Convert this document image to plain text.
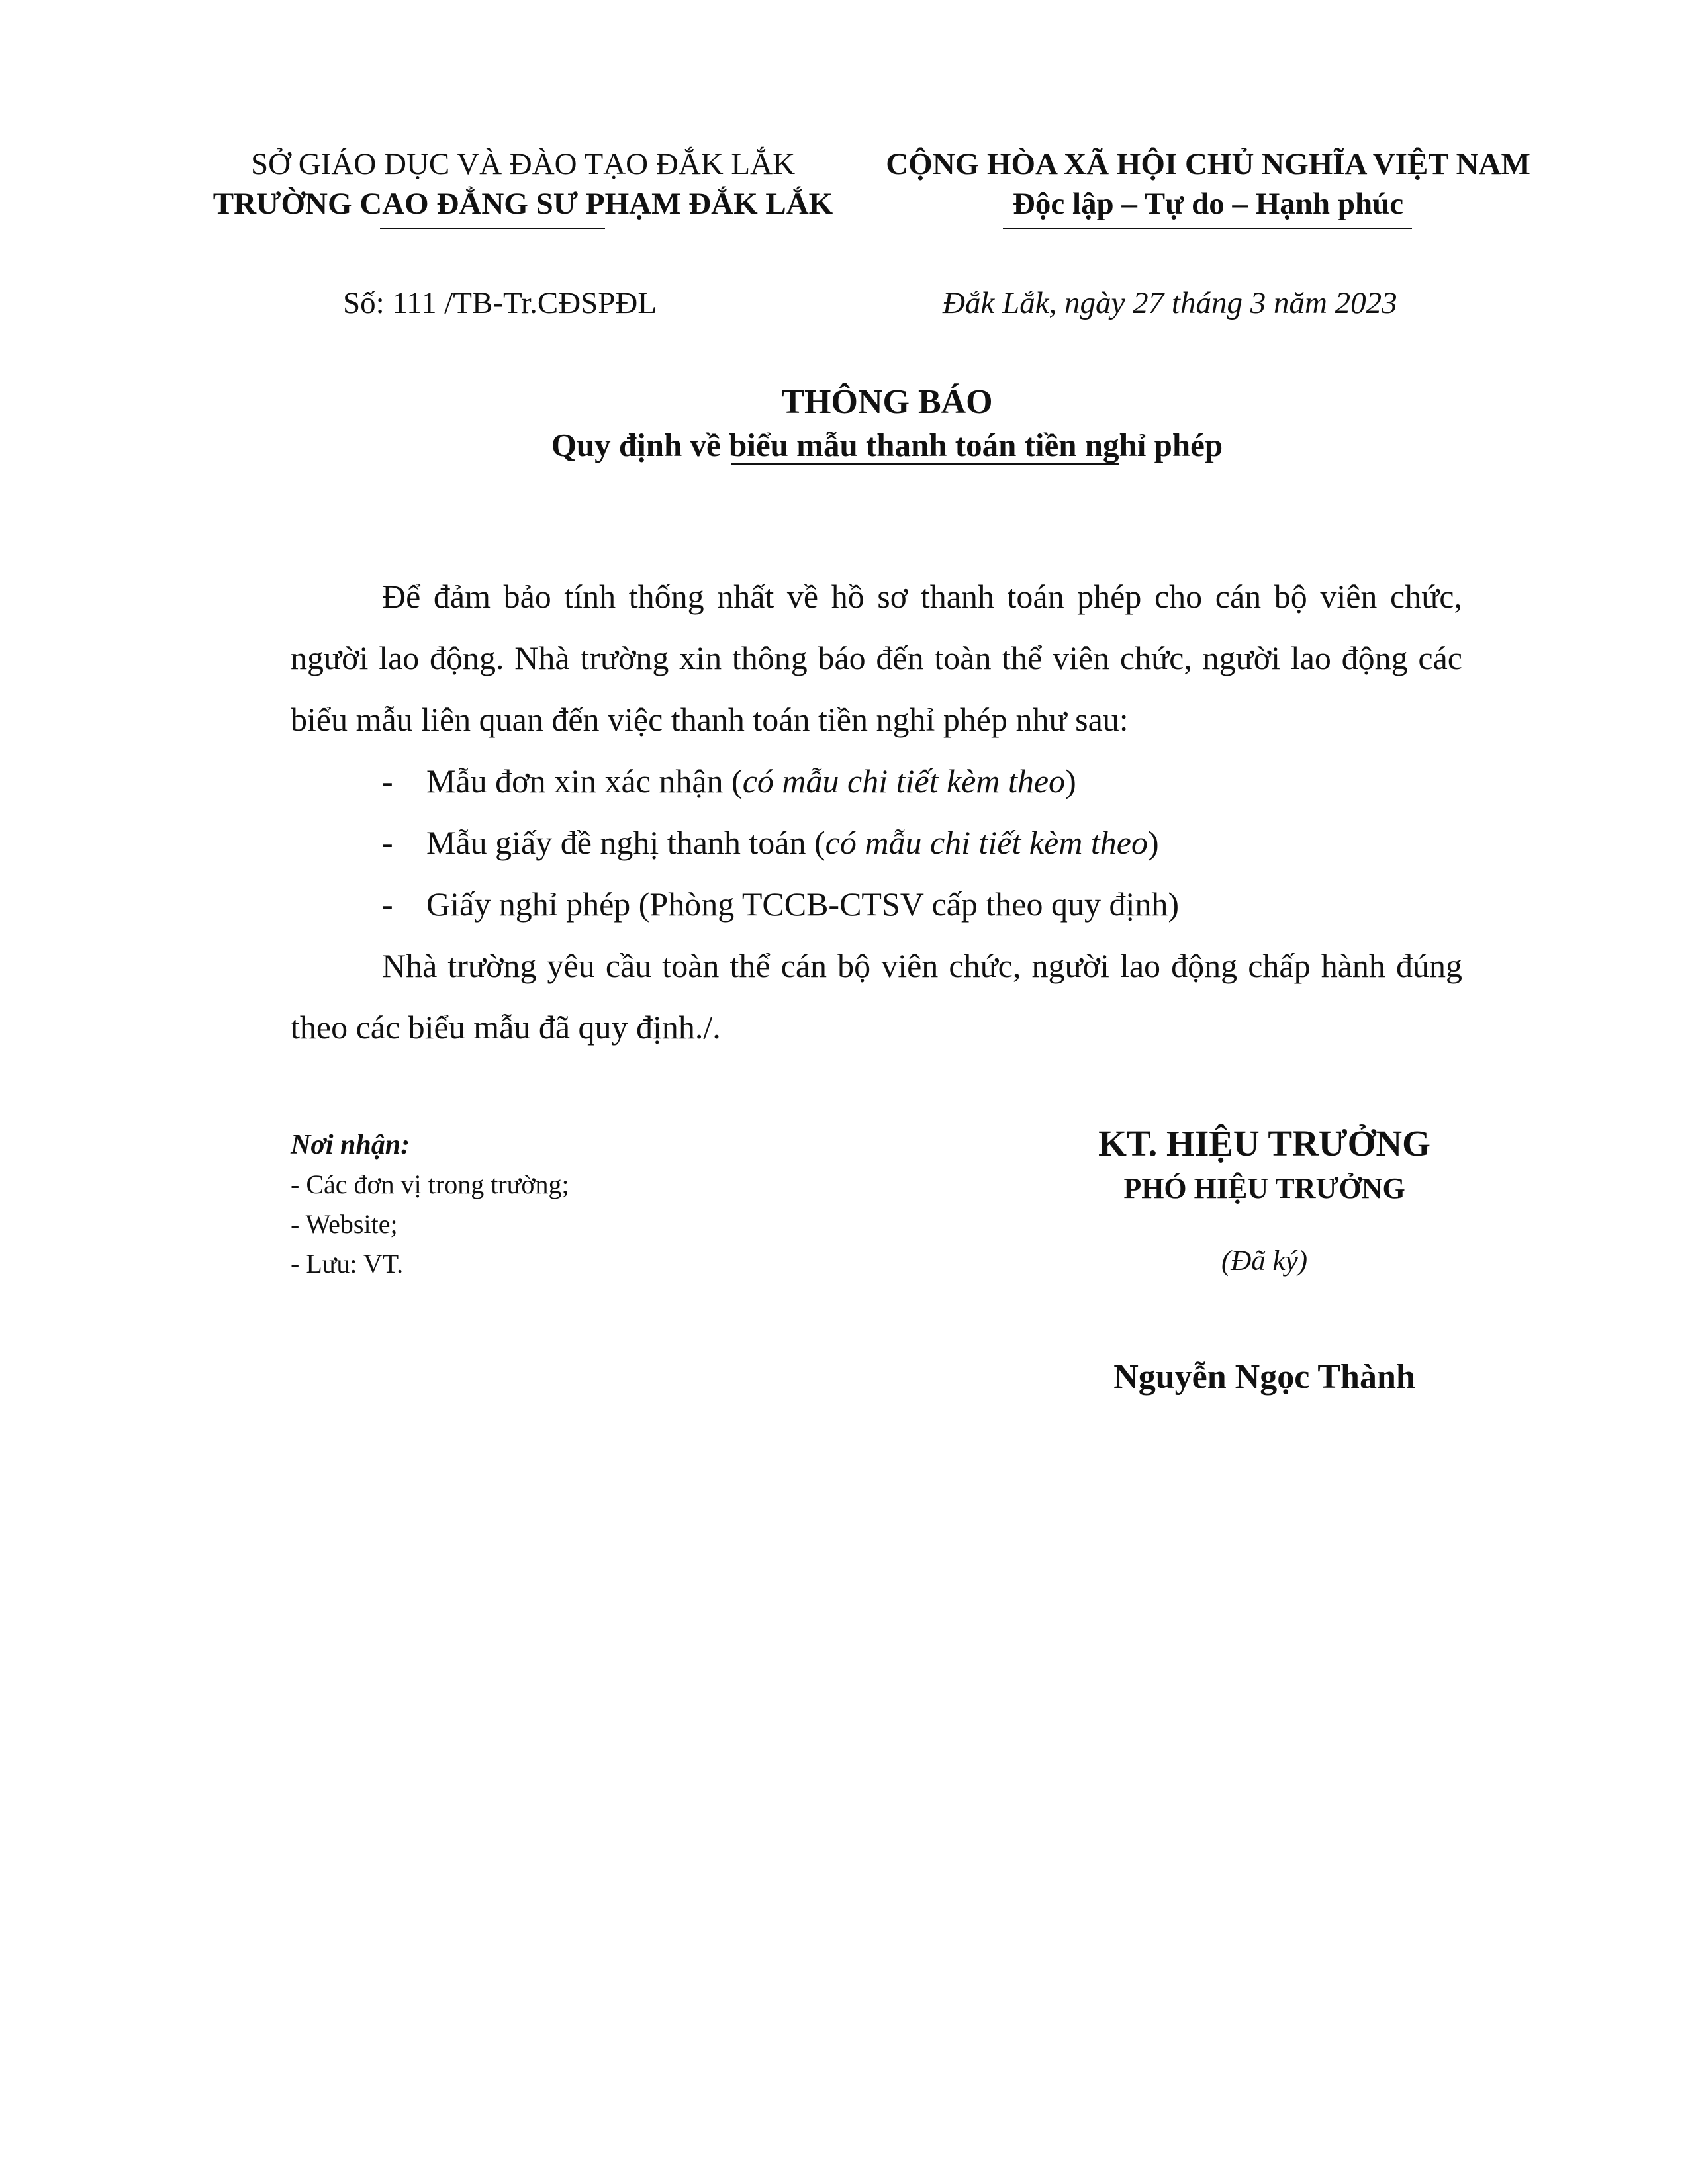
SỞ GIÁO DỤC VÀ ĐÀO TẠO ĐẮK LẮK
TRƯỜNG CAO ĐẲNG SƯ PHẠM ĐẮK LẮK
CỘNG HÒA XÃ HỘI CHỦ NGHĨA VIỆT NAM
Độc lập – Tự do – Hạnh phúc
Số: 111 /TB-Tr.CĐSPĐL	Đắk Lắk, ngày 27 tháng 3 năm 2023
THÔNG BÁO
Quy định về biểu mẫu thanh toán tiền nghỉ phép

Để đảm bảo tính thống nhất về hồ sơ thanh toán phép cho cán bộ viên chức, người lao động. Nhà trường xin thông báo đến toàn thể viên chức, người lao động các biểu mẫu liên quan đến việc thanh toán tiền nghỉ phép như sau:

-	Mẫu đơn xin xác nhận (có mẫu chi tiết kèm theo)

-	Mẫu giấy đề nghị thanh toán (có mẫu chi tiết kèm theo)

-	Giấy nghỉ phép (Phòng TCCB-CTSV cấp theo quy định)

Nhà trường yêu cầu toàn thể cán bộ viên chức, người lao động chấp hành đúng theo các biểu mẫu đã quy định./.

Nơi nhận:
- Các đơn vị trong trường;
- Website;
- Lưu: VT.
KT. HIỆU TRƯỞNG
PHÓ HIỆU TRƯỞNG
(Đã ký)
Nguyễn Ngọc Thành
